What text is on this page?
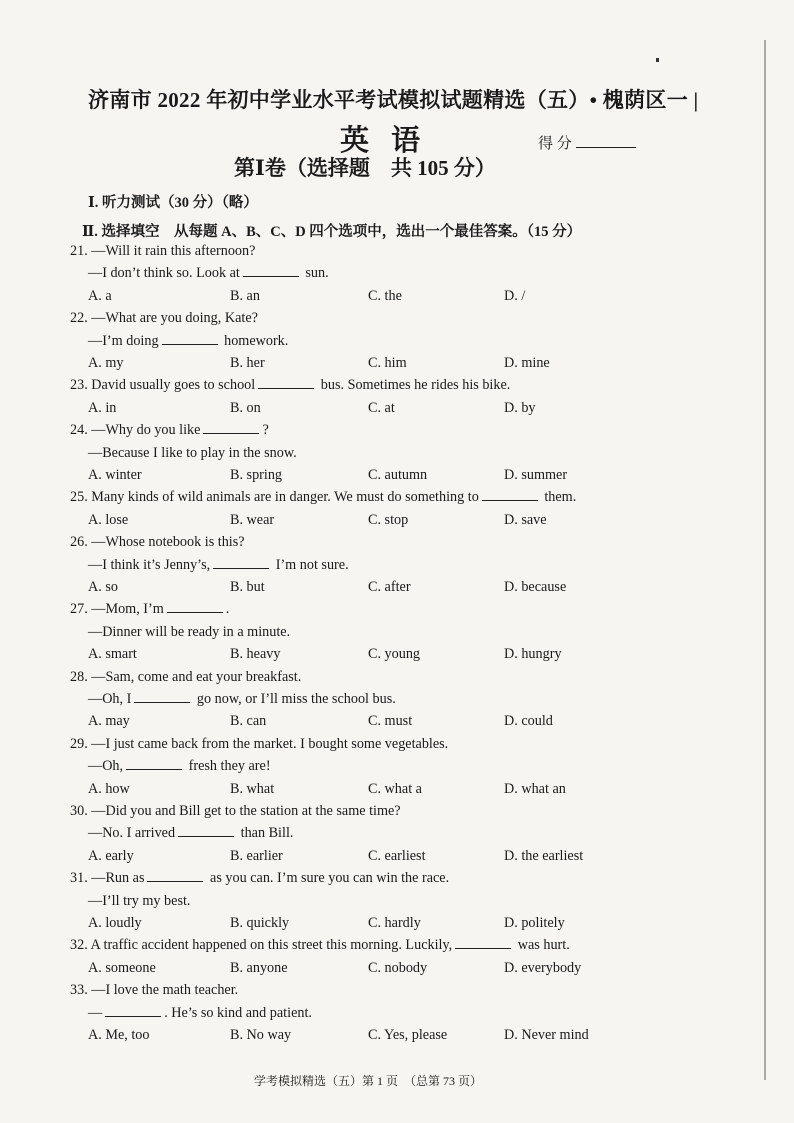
济南市 2022 年初中学业水平考试模拟试题精选（五）• 槐荫区一 |
英 语	得 分
第Ⅰ卷（选择题　共 105 分）
Ⅰ. 听力测试（30 分）（略）
Ⅱ. 选择填空　从每题 A、B、C、D 四个选项中，选出一个最佳答案。（15 分）
21. —Will it rain this afternoon?
—I don’t think so. Look at	sun.
A. a	B. an	C. the	D. /
22. —What are you doing, Kate?
—I’m doing	homework.
A. my	B. her	C. him	D. mine
23. David usually goes to school	bus. Sometimes he rides his bike.
A. in	B. on	C. at	D. by
24. —Why do you like	?
—Because I like to play in the snow.
A. winter	B. spring	C. autumn	D. summer
25. Many kinds of wild animals are in danger. We must do something to	them.
A. lose	B. wear	C. stop	D. save
26. —Whose notebook is this?
—I think it’s Jenny’s,	I’m not sure.
A. so	B. but	C. after	D. because
27. —Mom, I’m	.
—Dinner will be ready in a minute.
A. smart	B. heavy	C. young	D. hungry
28. —Sam, come and eat your breakfast.
—Oh, I	go now, or I’ll miss the school bus.
A. may	B. can	C. must	D. could
29. —I just came back from the market. I bought some vegetables.
—Oh,	fresh they are!
A. how	B. what	C. what a	D. what an
30. —Did you and Bill get to the station at the same time?
—No. I arrived	than Bill.
A. early	B. earlier	C. earliest	D. the earliest
31. —Run as	as you can. I’m sure you can win the race.
—I’ll try my best.
A. loudly	B. quickly	C. hardly	D. politely
32. A traffic accident happened on this street this morning. Luckily,	was hurt.
A. someone	B. anyone	C. nobody	D. everybody
33. —I love the math teacher.
—	. He’s so kind and patient.
A. Me, too	B. No way	C. Yes, please	D. Never mind
学考模拟精选（五）第 1 页　（总第 73 页）
